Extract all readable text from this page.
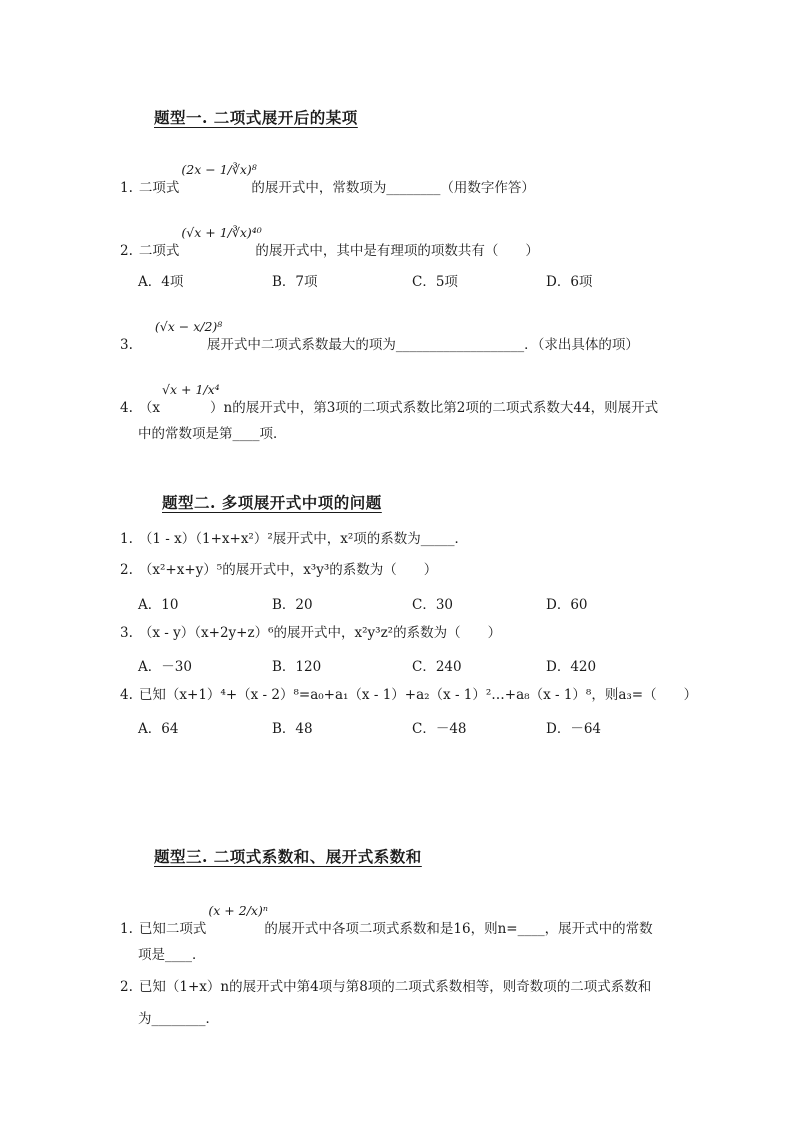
题型一. 二项式展开后的某项
1. 二项式
(2x − 1/∛x)⁸
的展开式中，常数项为________（用数字作答）
2. 二项式
(√x + 1/∛x)⁴⁰
的展开式中，其中是有理项的项数共有（　　）
A．4项	B．7项	C．5项	D．6项
3.
(√x − x/2)⁸
展开式中二项式系数最大的项为___________________．（求出具体的项）
4. （x
√x + 1/x⁴
）n的展开式中，第3项的二项式系数比第2项的二项式系数大44，则展开式
中的常数项是第____项．
题型二. 多项展开式中项的问题
1. （1 - x）（1+x+x²）²展开式中，x²项的系数为_____．
2. （x²+x+y）⁵的展开式中，x³y³的系数为（　　）
A．10	B．20	C．30	D．60
3. （x - y）（x+2y+z）⁶的展开式中，x²y³z²的系数为（　　）
A．－30	B．120	C．240	D．420
4. 已知（x+1）⁴+（x - 2）⁸=a₀+a₁（x - 1）+a₂（x - 1）²…+a₈（x - 1）⁸，则a₃=（　　）
A．64	B．48	C．－48	D．－64
题型三. 二项式系数和、展开式系数和
1. 已知二项式
(x + 2/x)ⁿ
的展开式中各项二项式系数和是16，则n=____，展开式中的常数
项是____．
2. 已知（1+x）n的展开式中第4项与第8项的二项式系数相等，则奇数项的二项式系数和
为________．
